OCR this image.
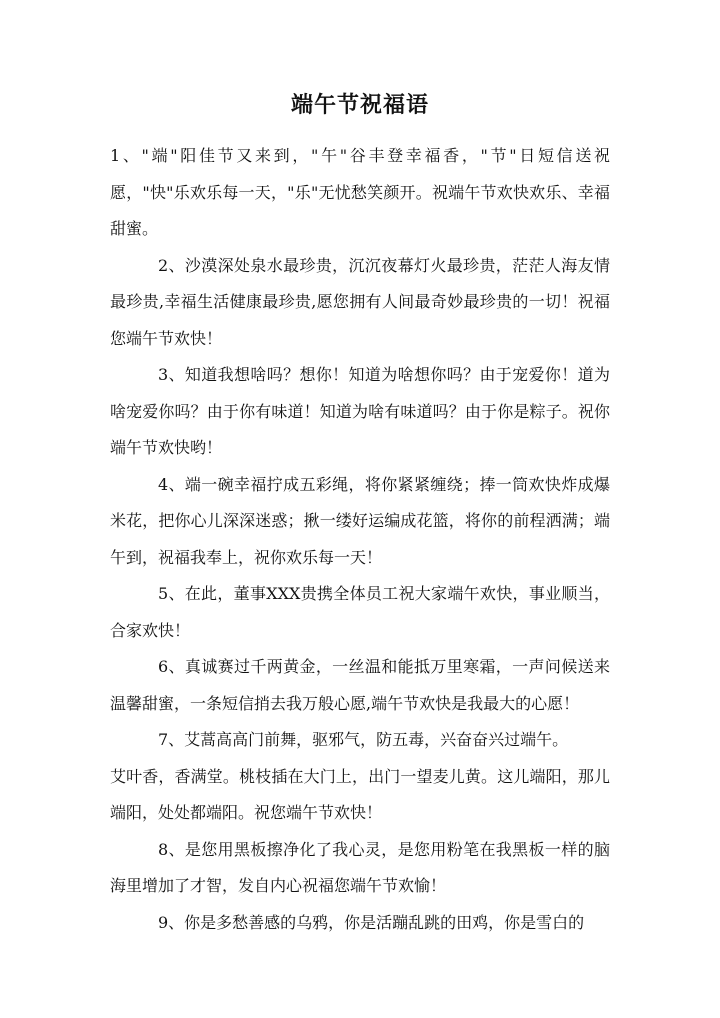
端午节祝福语

1、"端"阳佳节又来到，"午"谷丰登幸福香，"节"日短信送祝愿，"快"乐欢乐每一天，"乐"无忧愁笑颜开。祝端午节欢快欢乐、幸福甜蜜。

2、沙漠深处泉水最珍贵，沉沉夜幕灯火最珍贵，茫茫人海友情最珍贵,幸福生活健康最珍贵,愿您拥有人间最奇妙最珍贵的一切！祝福您端午节欢快！

3、知道我想啥吗？想你！知道为啥想你吗？由于宠爱你！道为啥宠爱你吗？由于你有味道！知道为啥有味道吗？由于你是粽子。祝你端午节欢快哟！

4、端一碗幸福拧成五彩绳，将你紧紧缠绕；捧一筒欢快炸成爆米花，把你心儿深深迷惑；揪一缕好运编成花篮，将你的前程洒满；端午到，祝福我奉上，祝你欢乐每一天！

5、在此，董事XXX贵携全体员工祝大家端午欢快，事业顺当，合家欢快！

6、真诚赛过千两黄金，一丝温和能抵万里寒霜，一声问候送来温馨甜蜜，一条短信捎去我万般心愿,端午节欢快是我最大的心愿！

7、艾蒿高高门前舞，驱邪气，防五毒，兴奋奋兴过端午。

艾叶香，香满堂。桃枝插在大门上，出门一望麦儿黄。这儿端阳，那儿端阳，处处都端阳。祝您端午节欢快！

8、是您用黑板擦净化了我心灵，是您用粉笔在我黑板一样的脑海里增加了才智，发自内心祝福您端午节欢愉！

9、你是多愁善感的乌鸦，你是活蹦乱跳的田鸡，你是雪白的
